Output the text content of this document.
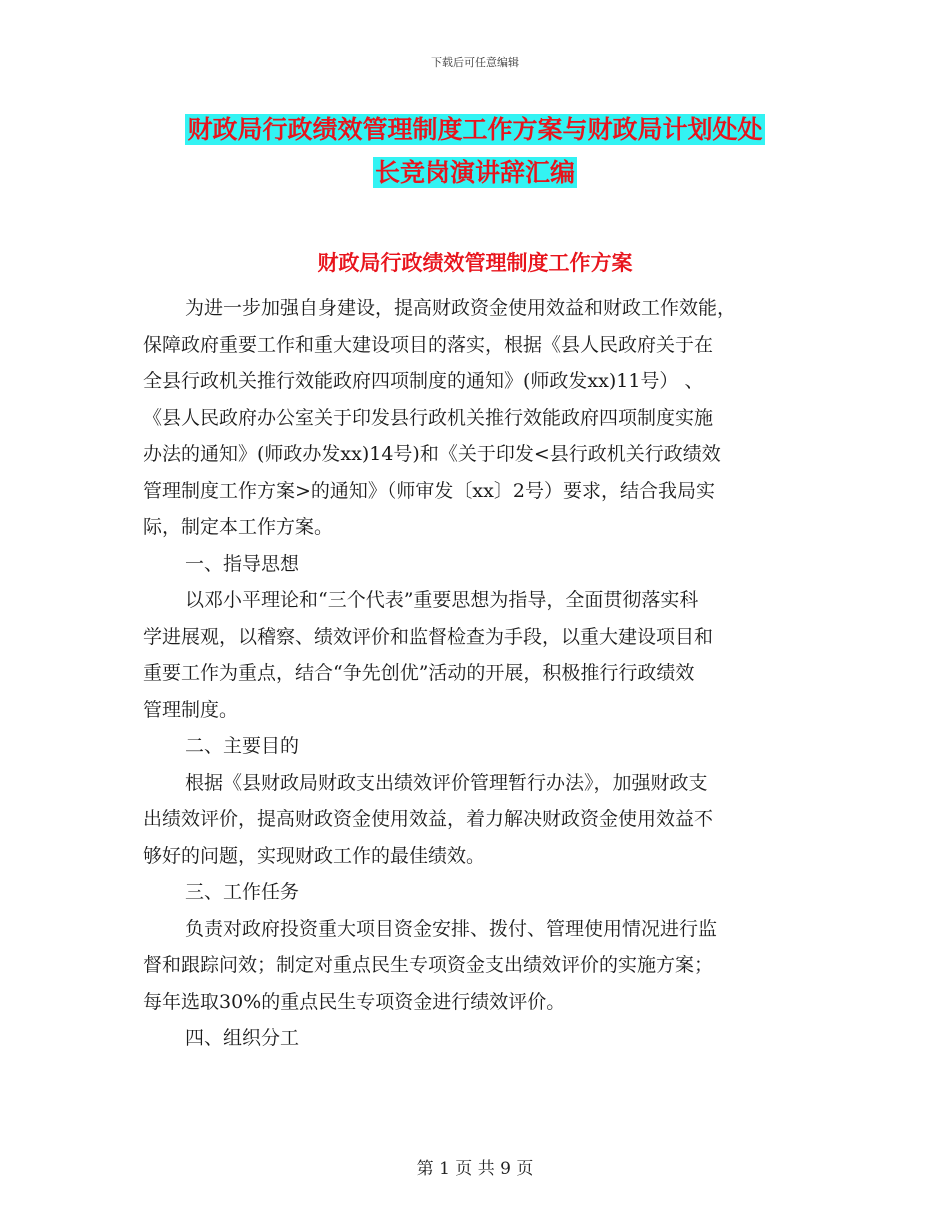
下载后可任意编辑
财政局行政绩效管理制度工作方案与财政局计划处处
长竞岗演讲辞汇编
财政局行政绩效管理制度工作方案

为进一步加强自身建设，提高财政资金使用效益和财政工作效能，
保障政府重要工作和重大建设项目的落实，根据《县人民政府关于在
全县行政机关推行效能政府四项制度的通知》(师政发xx)11号） 、
《县人民政府办公室关于印发县行政机关推行效能政府四项制度实施
办法的通知》(师政办发xx)14号)和《关于印发<县行政机关行政绩效
管理制度工作方案>的通知》（师审发〔xx〕2号）要求，结合我局实
际，制定本工作方案。

一、指导思想

以邓小平理论和“三个代表”重要思想为指导，全面贯彻落实科
学进展观，以稽察、绩效评价和监督检查为手段，以重大建设项目和
重要工作为重点，结合“争先创优”活动的开展，积极推行行政绩效
管理制度。

二、主要目的

根据《县财政局财政支出绩效评价管理暂行办法》，加强财政支
出绩效评价，提高财政资金使用效益，着力解决财政资金使用效益不
够好的问题，实现财政工作的最佳绩效。

三、工作任务

负责对政府投资重大项目资金安排、拨付、管理使用情况进行监
督和跟踪问效；制定对重点民生专项资金支出绩效评价的实施方案；
每年选取30%的重点民生专项资金进行绩效评价。

四、组织分工

第 1 页 共 9 页
